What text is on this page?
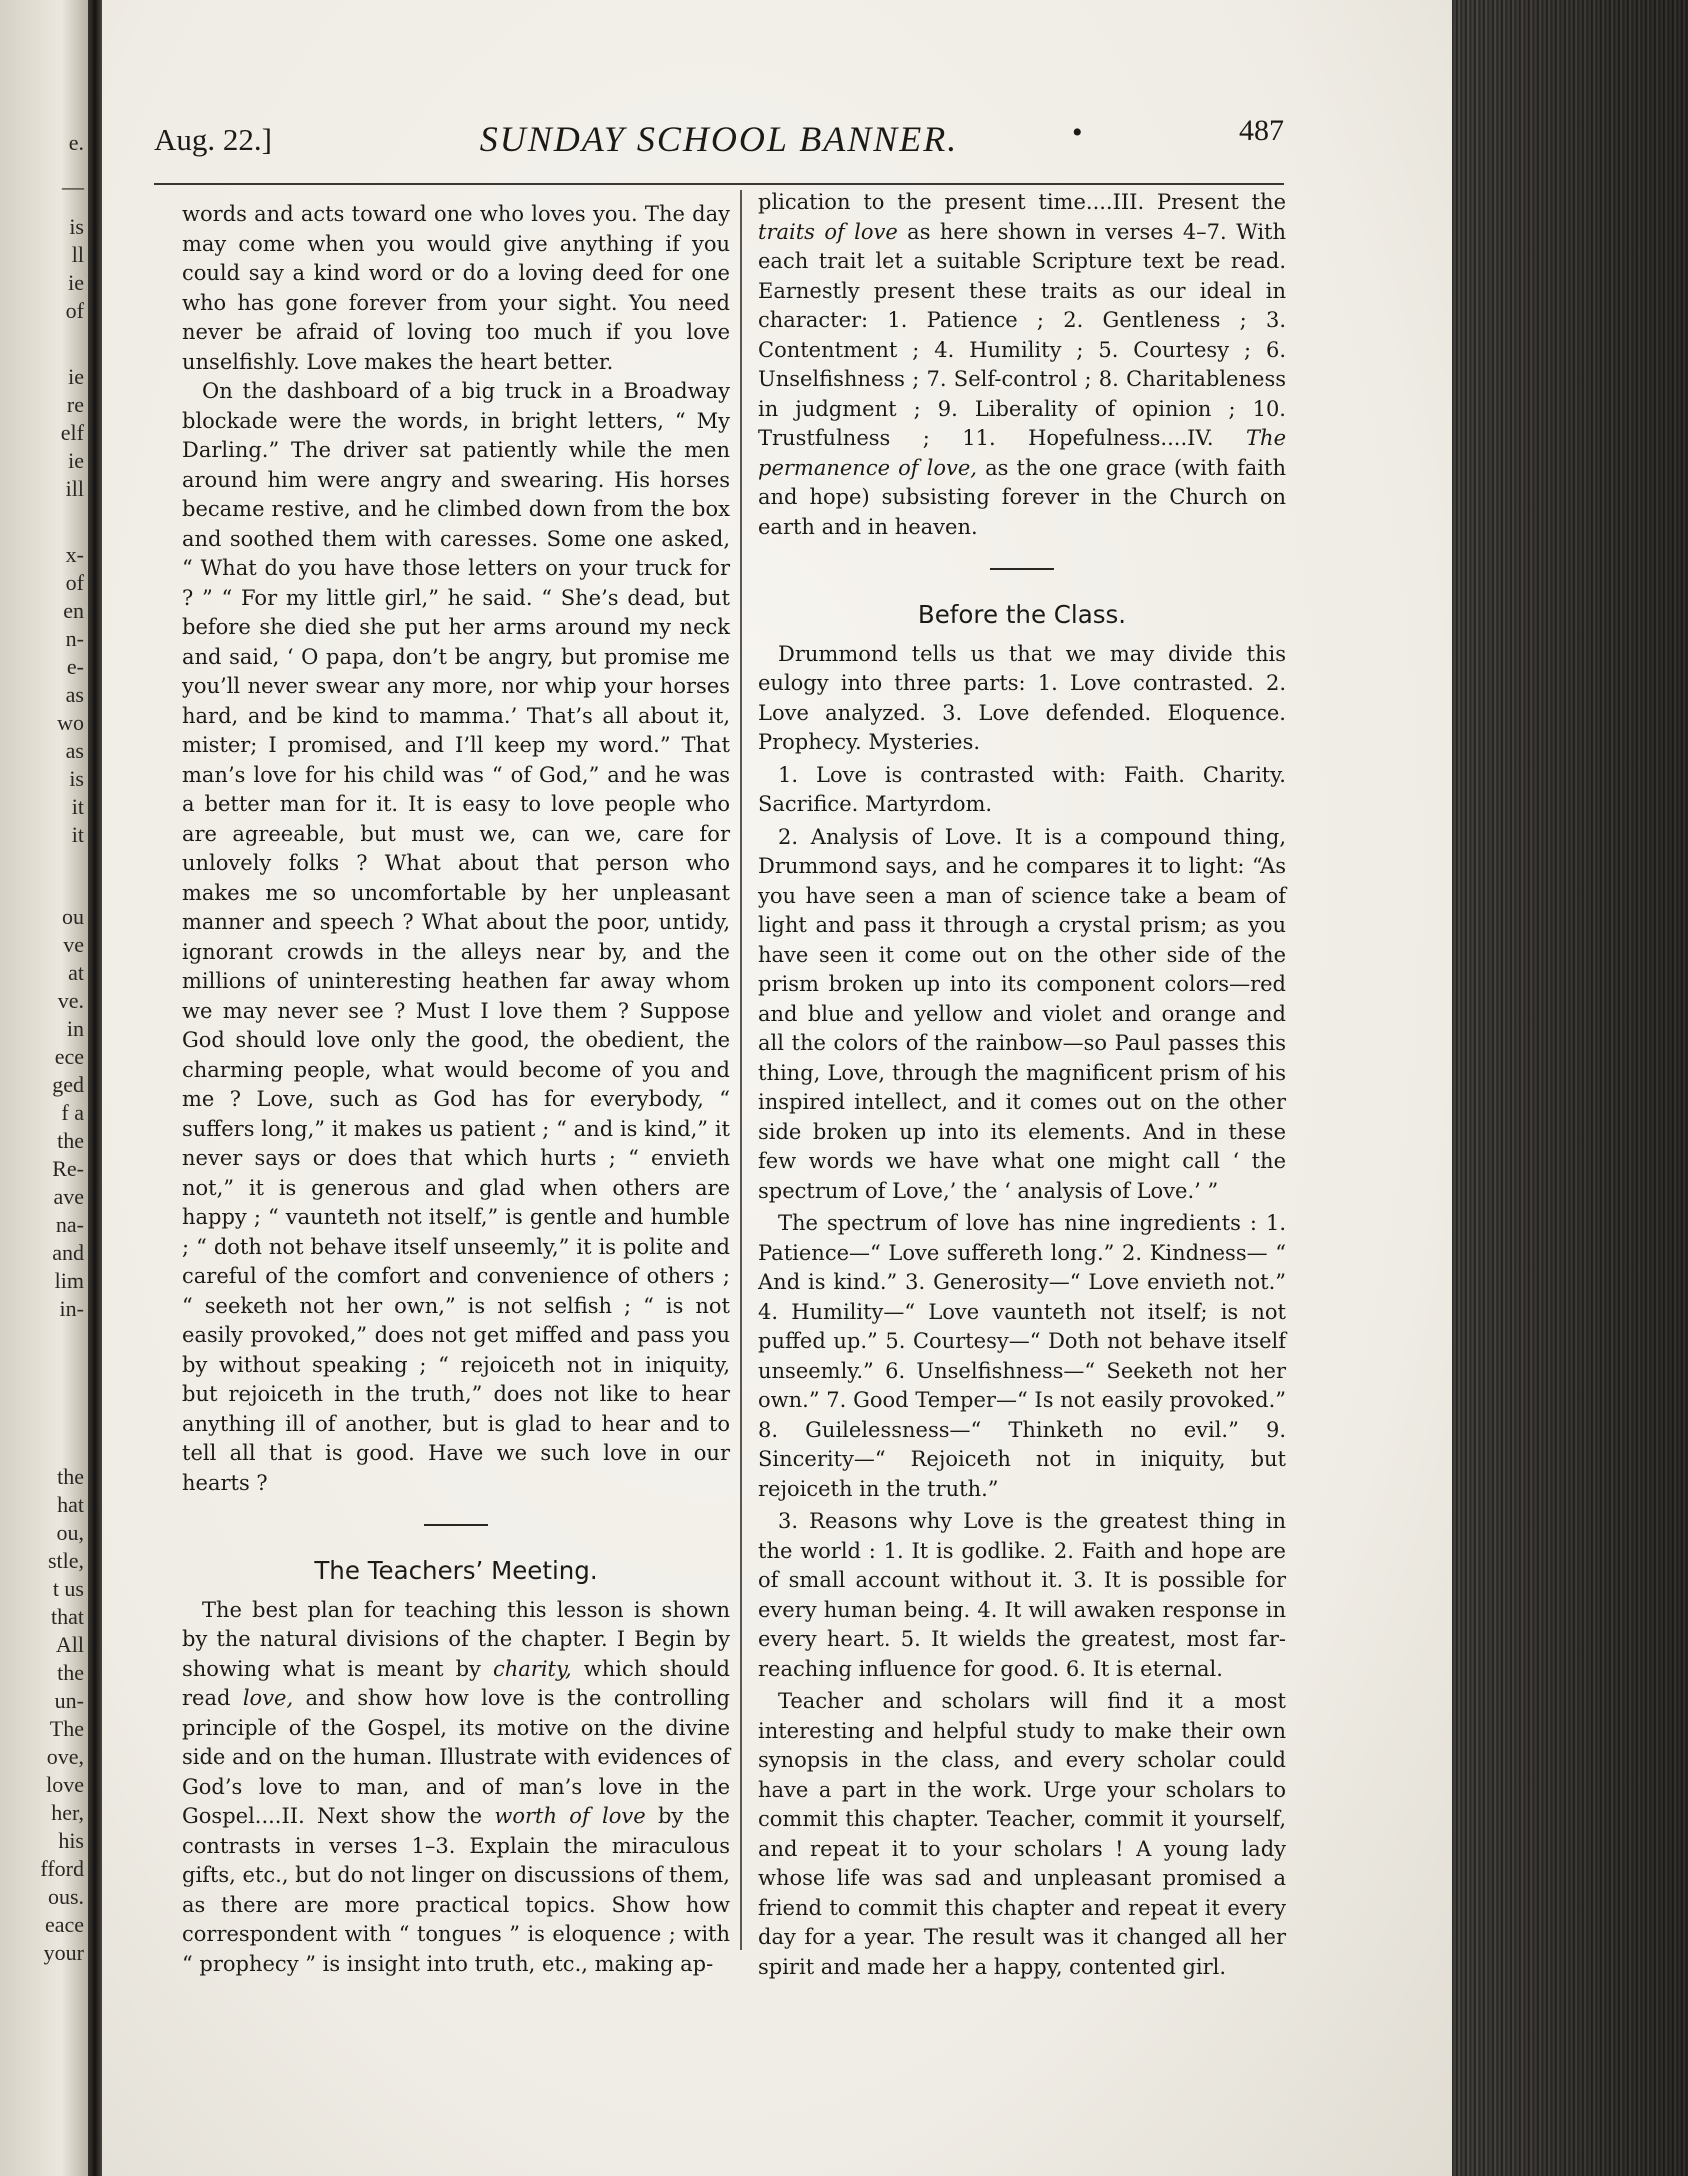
e.
—
is
ll
ie
of
ie
re
elf
ie
ill
x-
of
en
n-
e-
as
wo
as
is
it
it
ou
ve
at
ve.
in
ece
ged
f a
the
Re-
ave
na-
and
lim
in-
the
hat
ou,
stle,
t us
that
All
the
un-
The
ove,
love
her,
his
fford
ous.
eace
your
Aug. 22.]	SUNDAY SCHOOL BANNER.	•	487

words and acts toward one who loves you. The day may come when you would give anything if you could say a kind word or do a loving deed for one who has gone forever from your sight. You need never be afraid of loving too much if you love unselfishly. Love makes the heart better.

On the dashboard of a big truck in a Broadway blockade were the words, in bright letters, “ My Darling.” The driver sat patiently while the men around him were angry and swearing. His horses became restive, and he climbed down from the box and soothed them with caresses. Some one asked, “ What do you have those letters on your truck for ? ” “ For my little girl,” he said. “ She’s dead, but before she died she put her arms around my neck and said, ‘ O papa, don’t be angry, but promise me you’ll never swear any more, nor whip your horses hard, and be kind to mamma.’ That’s all about it, mister; I promised, and I’ll keep my word.” That man’s love for his child was “ of God,” and he was a better man for it. It is easy to love people who are agreeable, but must we, can we, care for unlovely folks ? What about that person who makes me so uncomfortable by her unpleasant manner and speech ? What about the poor, untidy, ignorant crowds in the alleys near by, and the millions of uninteresting heathen far away whom we may never see ? Must I love them ? Suppose God should love only the good, the obedient, the charming people, what would become of you and me ? Love, such as God has for everybody, “ suffers long,” it makes us patient ; “ and is kind,” it never says or does that which hurts ; “ envieth not,” it is generous and glad when others are happy ; “ vaunteth not itself,” is gentle and humble ; “ doth not behave itself unseemly,” it is polite and careful of the comfort and convenience of others ; “ seeketh not her own,” is not selfish ; “ is not easily provoked,” does not get miffed and pass you by without speaking ; “ rejoiceth not in iniquity, but rejoiceth in the truth,” does not like to hear anything ill of another, but is glad to hear and to tell all that is good. Have we such love in our hearts ?

The Teachers’ Meeting.

The best plan for teaching this lesson is shown by the natural divisions of the chapter. I Begin by showing what is meant by charity, which should read love, and show how love is the controlling principle of the Gospel, its motive on the divine side and on the human. Illustrate with evidences of God’s love to man, and of man’s love in the Gospel....II. Next show the worth of love by the contrasts in verses 1–3. Explain the miraculous gifts, etc., but do not linger on discussions of them, as there are more practical topics. Show how correspondent with “ tongues ” is eloquence ; with “ prophecy ” is insight into truth, etc., making ap-

plication to the present time....III. Present the traits of love as here shown in verses 4–7. With each trait let a suitable Scripture text be read. Earnestly present these traits as our ideal in character: 1. Patience ; 2. Gentleness ; 3. Contentment ; 4. Humility ; 5. Courtesy ; 6. Unselfishness ; 7. Self-control ; 8. Charitableness in judgment ; 9. Liberality of opinion ; 10. Trustfulness ; 11. Hopefulness....IV. The permanence of love, as the one grace (with faith and hope) subsisting forever in the Church on earth and in heaven.

Before the Class.

Drummond tells us that we may divide this eulogy into three parts: 1. Love contrasted. 2. Love analyzed. 3. Love defended. Eloquence. Prophecy. Mysteries.

1. Love is contrasted with: Faith. Charity. Sacrifice. Martyrdom.

2. Analysis of Love. It is a compound thing, Drummond says, and he compares it to light: “As you have seen a man of science take a beam of light and pass it through a crystal prism; as you have seen it come out on the other side of the prism broken up into its component colors—red and blue and yellow and violet and orange and all the colors of the rainbow—so Paul passes this thing, Love, through the magnificent prism of his inspired intellect, and it comes out on the other side broken up into its elements. And in these few words we have what one might call ‘ the spectrum of Love,’ the ‘ analysis of Love.’ ”

The spectrum of love has nine ingredients : 1. Patience—“ Love suffereth long.” 2. Kindness— “ And is kind.” 3. Generosity—“ Love envieth not.” 4. Humility—“ Love vaunteth not itself; is not puffed up.” 5. Courtesy—“ Doth not behave itself unseemly.” 6. Unselfishness—“ Seeketh not her own.” 7. Good Temper—“ Is not easily provoked.” 8. Guilelessness—“ Thinketh no evil.” 9. Sincerity—“ Rejoiceth not in iniquity, but rejoiceth in the truth.”

3. Reasons why Love is the greatest thing in the world : 1. It is godlike. 2. Faith and hope are of small account without it. 3. It is possible for every human being. 4. It will awaken response in every heart. 5. It wields the greatest, most far-reaching influence for good. 6. It is eternal.

Teacher and scholars will find it a most interesting and helpful study to make their own synopsis in the class, and every scholar could have a part in the work. Urge your scholars to commit this chapter. Teacher, commit it yourself, and repeat it to your scholars ! A young lady whose life was sad and unpleasant promised a friend to commit this chapter and repeat it every day for a year. The result was it changed all her spirit and made her a happy, contented girl.
